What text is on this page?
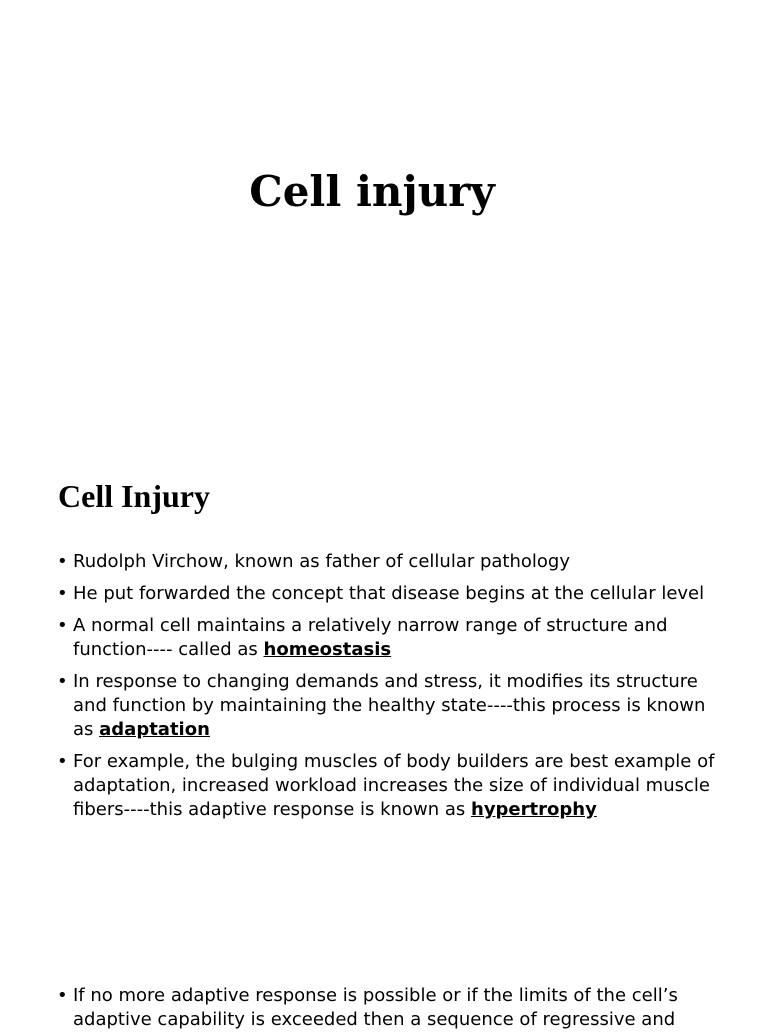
Cell injury
Cell Injury
• Rudolph Virchow, known as father of cellular pathology
• He put forwarded the concept that disease begins at the cellular level
• A normal cell maintains a relatively narrow range of structure and function---- called as homeostasis
• In response to changing demands and stress, it modifies its structure and function by maintaining the healthy state----this process is known as adaptation
• For example, the bulging muscles of body builders are best example of adaptation, increased workload increases the size of individual muscle fibers----this adaptive response is known as hypertrophy
• If no more adaptive response is possible or if the limits of the cell’s adaptive capability is exceeded then a sequence of regressive and
